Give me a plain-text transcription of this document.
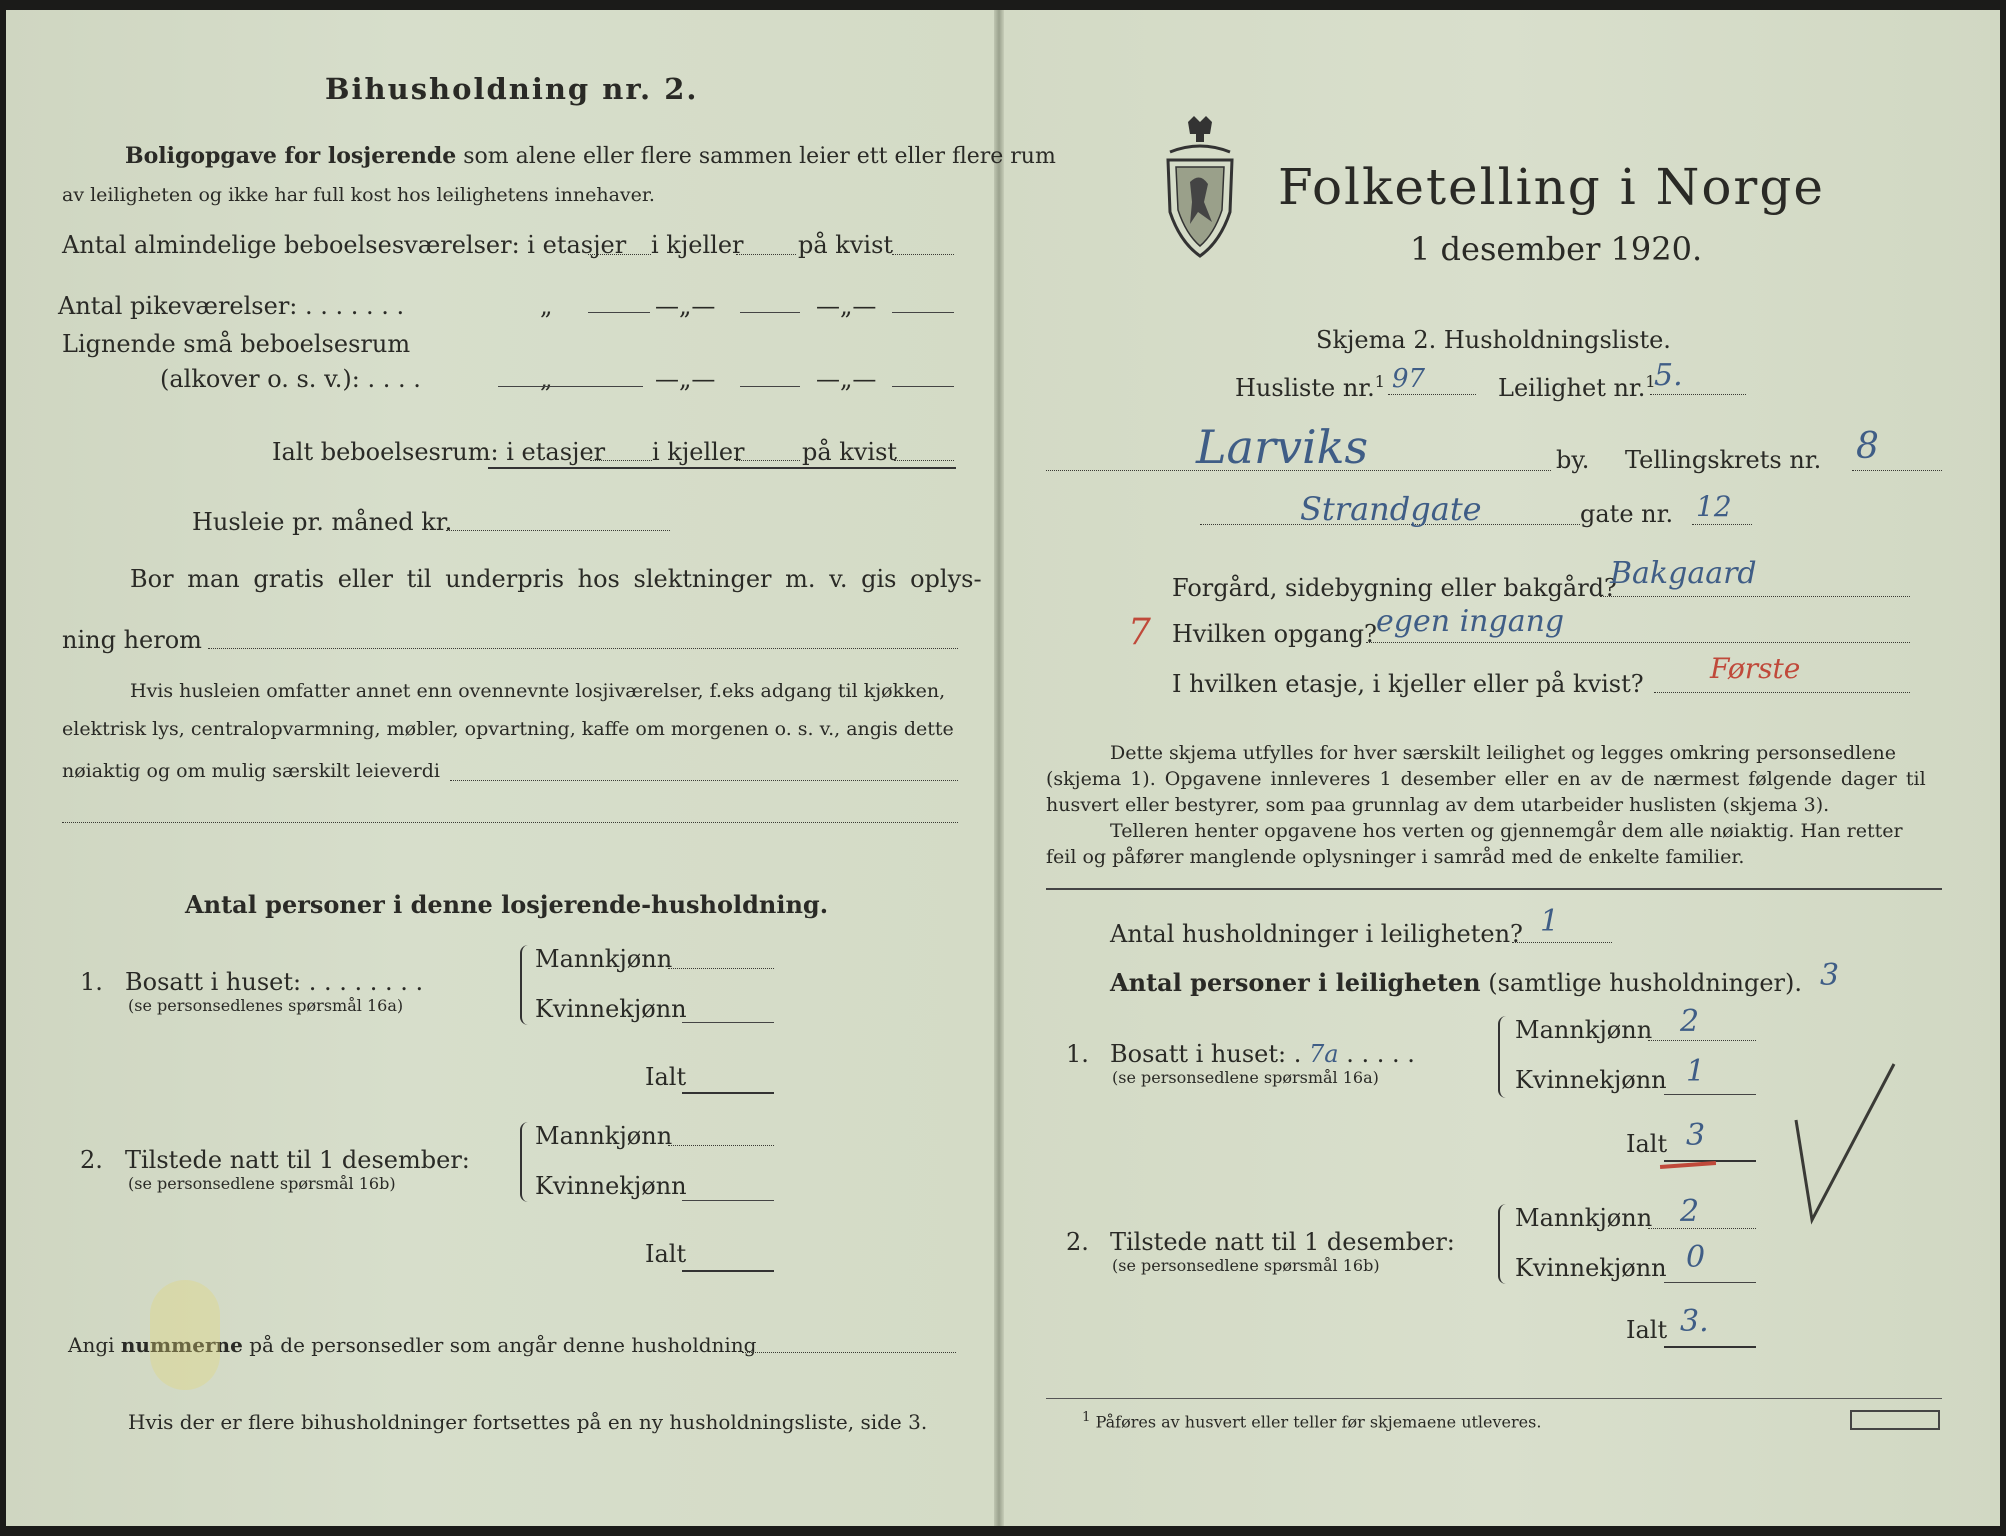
Bihusholdning nr. 2.
Boligopgave for losjerende som alene eller flere sammen leier ett eller flere rum
av leiligheten og ikke har full kost hos leilighetens innehaver.
Antal almindelige beboelsesværelser: i etasjer i kjeller på kvist
Antal pikeværelser: . . . . . . .	„	—„—	—„—
Lignende små beboelsesrum
(alkover o. s. v.): . . . .	„	—„—	—„—
Ialt beboelsesrum: i etasjer i kjeller på kvist
Husleie pr. måned kr.
Bor man gratis eller til underpris hos slektninger m. v. gis oplys-
ning herom
Hvis husleien omfatter annet enn ovennevnte losjiværelser, f.eks adgang til kjøkken,
elektrisk lys, centralopvarmning, møbler, opvartning, kaffe om morgenen o. s. v., angis dette
nøiaktig og om mulig særskilt leieverdi
Antal personer i denne losjerende-husholdning.
1. Bosatt i huset: . . . . . . . .
(se personsedlenes spørsmål 16a)
Mannkjønn
Kvinnekjønn
Ialt
2. Tilstede natt til 1 desember:
(se personsedlene spørsmål 16b)
Mannkjønn
Kvinnekjønn
Ialt
Angi nummerne på de personsedler som angår denne husholdning
Hvis der er flere bihusholdninger fortsettes på en ny husholdningsliste, side 3.
Folketelling i Norge
1 desember 1920.
Skjema 2. Husholdningsliste.
Husliste nr.$^1$ 97	Leilighet nr.$^1$
5.
Larviks	by. Tellingskrets nr. 8
Strandgate	gate nr. 12
Forgård, sidebygning eller bakgård?
Bakgaard
7 Hvilken opgang? egen ingang
I hvilken etasje, i kjeller eller på kvist? Første
Dette skjema utfylles for hver særskilt leilighet og legges omkring personsedlene
(skjema 1). Opgavene innleveres 1 desember eller en av de nærmest følgende dager til
husvert eller bestyrer, som paa grunnlag av dem utarbeider huslisten (skjema 3).
Telleren henter opgavene hos verten og gjennemgår dem alle nøiaktig. Han retter
feil og påfører manglende oplysninger i samråd med de enkelte familier.
Antal husholdninger i leiligheten? 1
Antal personer i leiligheten (samtlige husholdninger). 3
1. Bosatt i huset: . 7a . . . . .
(se personsedlene spørsmål 16a)
Mannkjønn 2
Kvinnekjønn 1
Ialt 3
2. Tilstede natt til 1 desember:
(se personsedlene spørsmål 16b)
Mannkjønn 2
Kvinnekjønn 0
Ialt 3.
$^1$ Påføres av husvert eller teller før skjemaene utleveres.
